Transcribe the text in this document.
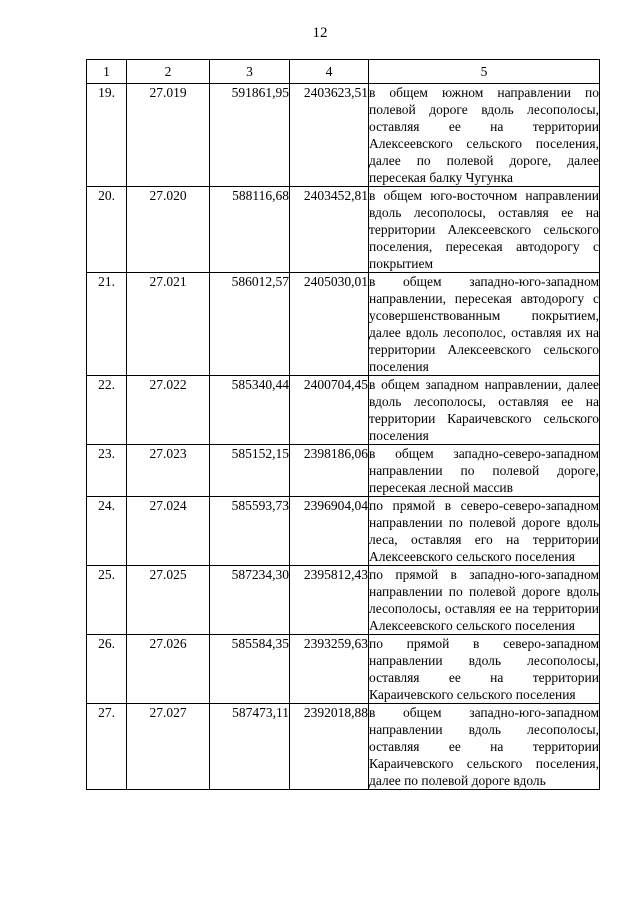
12
1	2	3	4	5
19.	27.019	591861,95	2403623,51	в общем южном направлении по полевой дороге вдоль лесополосы, оставляя ее на территории Алексеевского сельского поселения, далее по полевой дороге, далее пересекая балку Чугунка
20.	27.020	588116,68	2403452,81	в общем юго-восточном направлении вдоль лесополосы, оставляя ее на территории Алексеевского сельского поселения, пересекая автодорогу с покрытием
21.	27.021	586012,57	2405030,01	в общем западно-юго-западном направлении, пересекая автодорогу с усовершенствованным покрытием, далее вдоль лесополос, оставляя их на территории Алексеевского сельского поселения
22.	27.022	585340,44	2400704,45	в общем западном направлении, далее вдоль лесополосы, оставляя ее на территории Караичевского сельского поселения
23.	27.023	585152,15	2398186,06	в общем западно-северо-западном направлении по полевой дороге, пересекая лесной массив
24.	27.024	585593,73	2396904,04	по прямой в северо-северо-западном направлении по полевой дороге вдоль леса, оставляя его на территории Алексеевского сельского поселения
25.	27.025	587234,30	2395812,43	по прямой в западно-юго-западном направлении по полевой дороге вдоль лесополосы, оставляя ее на территории Алексеевского сельского поселения
26.	27.026	585584,35	2393259,63	по прямой в северо-западном направлении вдоль лесополосы, оставляя ее на территории Караичевского сельского поселения
27.	27.027	587473,11	2392018,88	в общем западно-юго-западном направлении вдоль лесополосы, оставляя ее на территории Караичевского сельского поселения, далее по полевой дороге вдоль
